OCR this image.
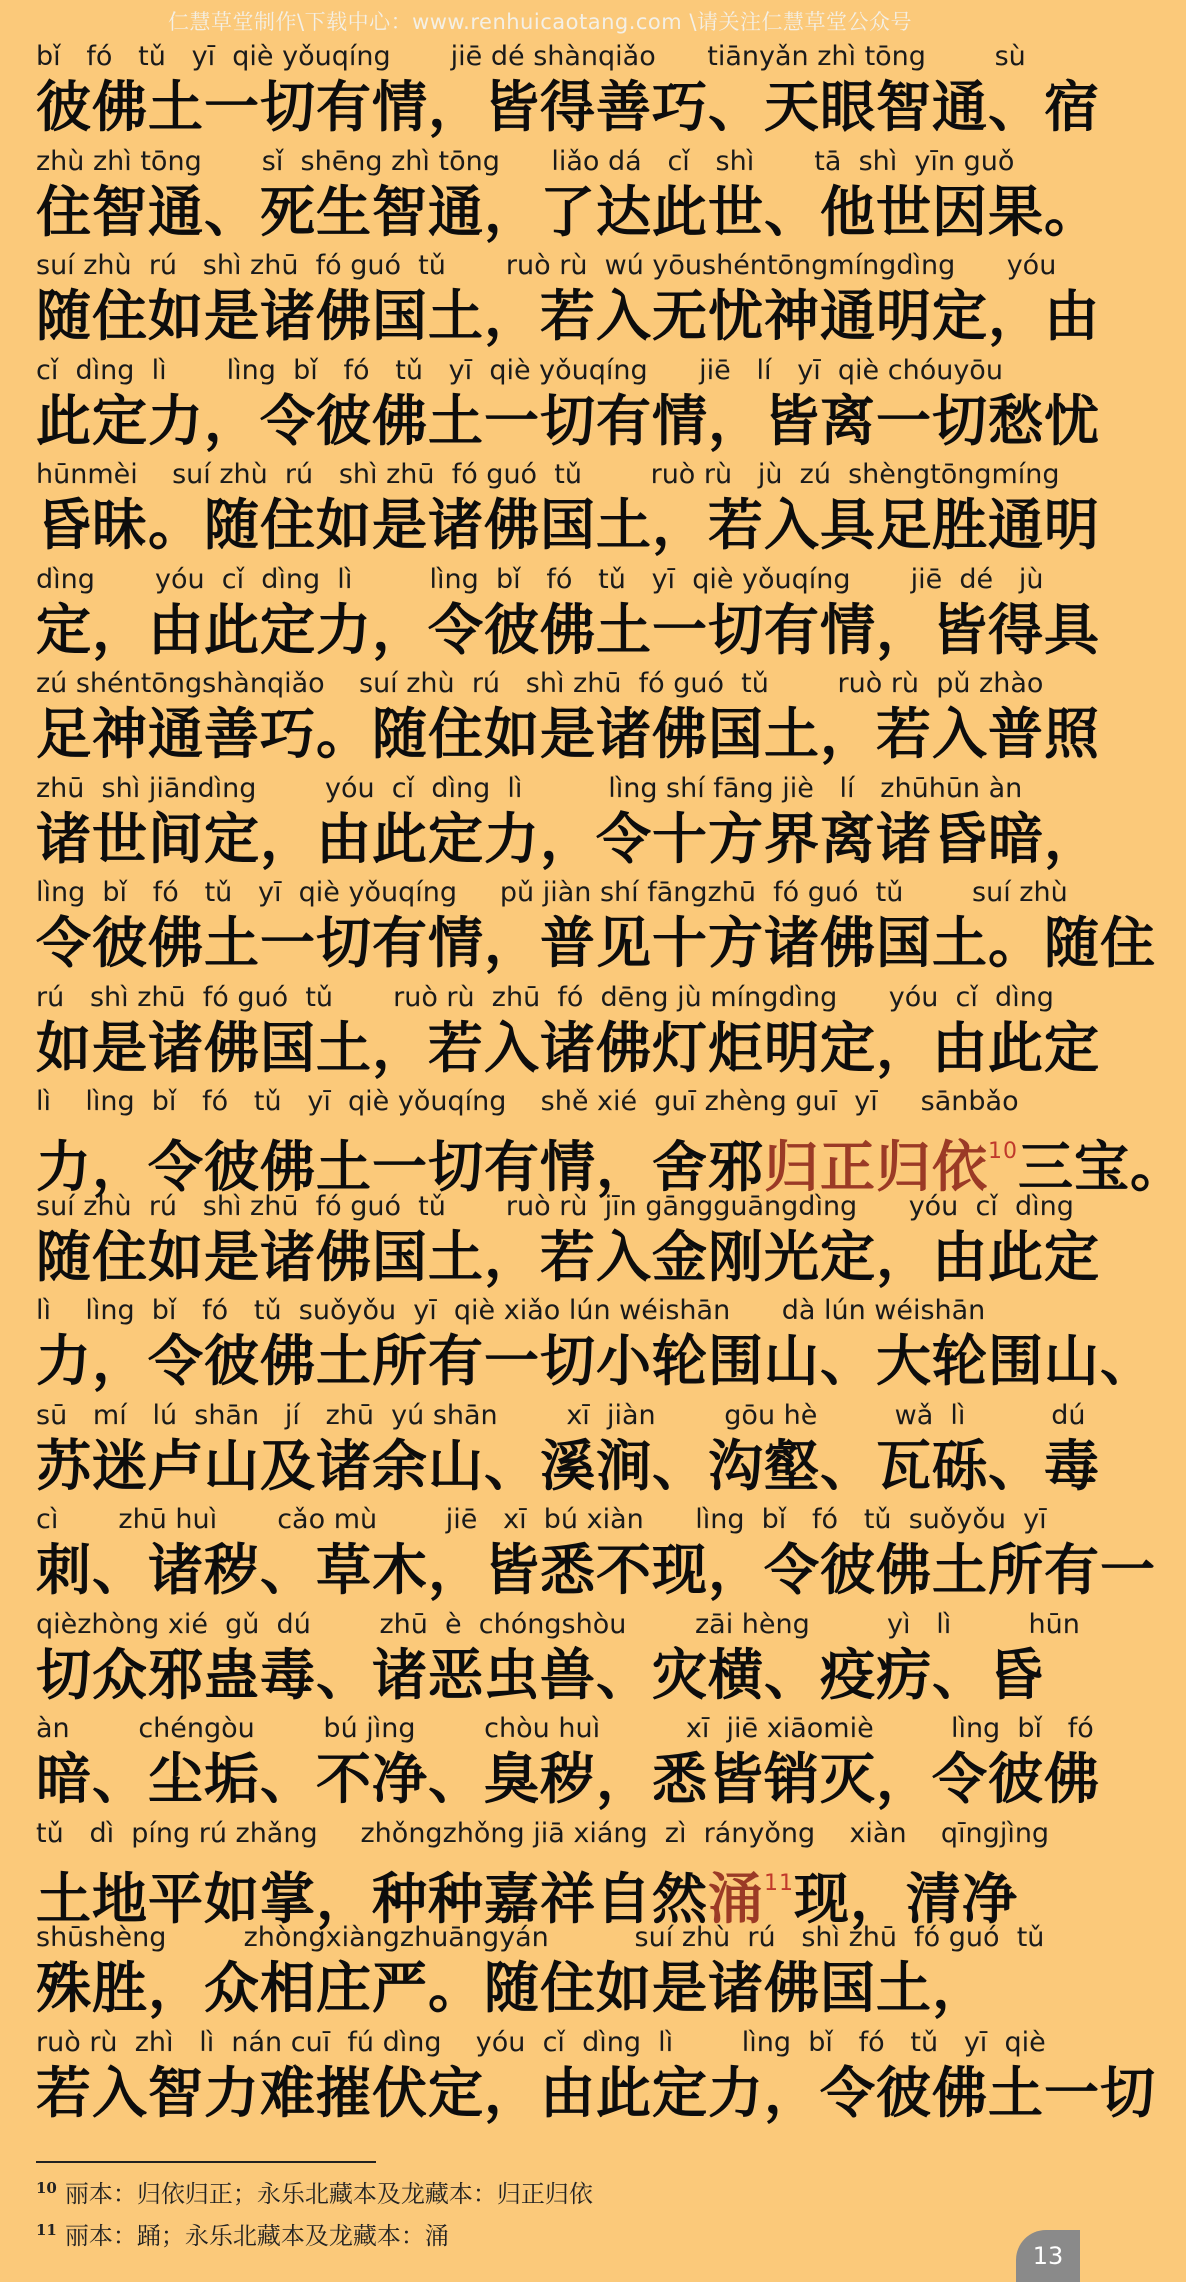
仁慧草堂制作\下载中心：www.renhuicaotang.com \请关注仁慧草堂公众号
bǐ   fó   tǔ   yī  qiè yǒuqíng       jiē dé shànqiǎo      tiānyǎn zhì tōng        sù
彼佛土一切有情，皆得善巧、天眼智通、宿
zhù zhì tōng       sǐ  shēng zhì tōng      liǎo dá   cǐ   shì       tā  shì  yīn guǒ
住智通、死生智通，了达此世、他世因果。
suí zhù  rú   shì zhū  fó guó  tǔ       ruò rù  wú yōushéntōngmíngdìng      yóu
随住如是诸佛国土，若入无忧神通明定，由
cǐ  dìng  lì       lìng  bǐ   fó   tǔ   yī  qiè yǒuqíng      jiē   lí   yī  qiè chóuyōu
此定力，令彼佛土一切有情，皆离一切愁忧
hūnmèi    suí zhù  rú   shì zhū  fó guó  tǔ        ruò rù   jù  zú  shèngtōngmíng
昏昧。随住如是诸佛国土，若入具足胜通明
dìng       yóu  cǐ  dìng  lì         lìng  bǐ   fó   tǔ   yī  qiè yǒuqíng       jiē  dé   jù
定，由此定力，令彼佛土一切有情，皆得具
zú shéntōngshànqiǎo    suí zhù  rú   shì zhū  fó guó  tǔ        ruò rù  pǔ zhào
足神通善巧。随住如是诸佛国土，若入普照
zhū  shì jiāndìng        yóu  cǐ  dìng  lì          lìng shí fāng jiè   lí   zhūhūn àn
诸世间定，由此定力，令十方界离诸昏暗，
lìng  bǐ   fó   tǔ   yī  qiè yǒuqíng     pǔ jiàn shí fāngzhū  fó guó  tǔ        suí zhù
令彼佛土一切有情，普见十方诸佛国土。随住
rú   shì zhū  fó guó  tǔ       ruò rù  zhū  fó  dēng jù míngdìng      yóu  cǐ  dìng
如是诸佛国土，若入诸佛灯炬明定，由此定
lì    lìng  bǐ   fó   tǔ   yī  qiè yǒuqíng    shě xié  guī zhèng guī  yī     sānbǎo
力，令彼佛土一切有情，舍邪归正归依$^{10}$三宝。
suí zhù  rú   shì zhū  fó guó  tǔ       ruò rù  jīn gāngguāngdìng      yóu  cǐ  dìng
随住如是诸佛国土，若入金刚光定，由此定
lì    lìng  bǐ   fó   tǔ  suǒyǒu  yī  qiè xiǎo lún wéishān      dà lún wéishān
力，令彼佛土所有一切小轮围山、大轮围山、
sū   mí   lú  shān   jí   zhū  yú shān        xī  jiàn        gōu hè         wǎ  lì          dú
苏迷卢山及诸余山、溪涧、沟壑、瓦砾、毒
cì       zhū huì       cǎo mù        jiē   xī  bú xiàn      lìng  bǐ   fó   tǔ  suǒyǒu  yī
刺、诸秽、草木，皆悉不现，令彼佛土所有一
qièzhòng xié  gǔ  dú        zhū  è  chóngshòu        zāi hèng         yì   lì         hūn
切众邪蛊毒、诸恶虫兽、灾横、疫疠、昏
àn        chéngòu        bú jìng        chòu huì          xī  jiē xiāomiè         lìng  bǐ   fó
暗、尘垢、不净、臭秽，悉皆销灭，令彼佛
tǔ   dì  píng rú zhǎng     zhǒngzhǒng jiā xiáng  zì  rányǒng    xiàn    qīngjìng
土地平如掌，种种嘉祥自然涌$^{11}$现，清净
shūshèng         zhòngxiàngzhuāngyán          suí zhù  rú   shì zhū  fó guó  tǔ
殊胜，众相庄严。随住如是诸佛国土，
ruò rù  zhì   lì  nán cuī  fú dìng    yóu  cǐ  dìng  lì        lìng  bǐ   fó   tǔ   yī  qiè
若入智力难摧伏定，由此定力，令彼佛土一切
$^{10}$ 丽本：归依归正；永乐北藏本及龙藏本：归正归依
$^{11}$ 丽本：踊；永乐北藏本及龙藏本：涌
13
